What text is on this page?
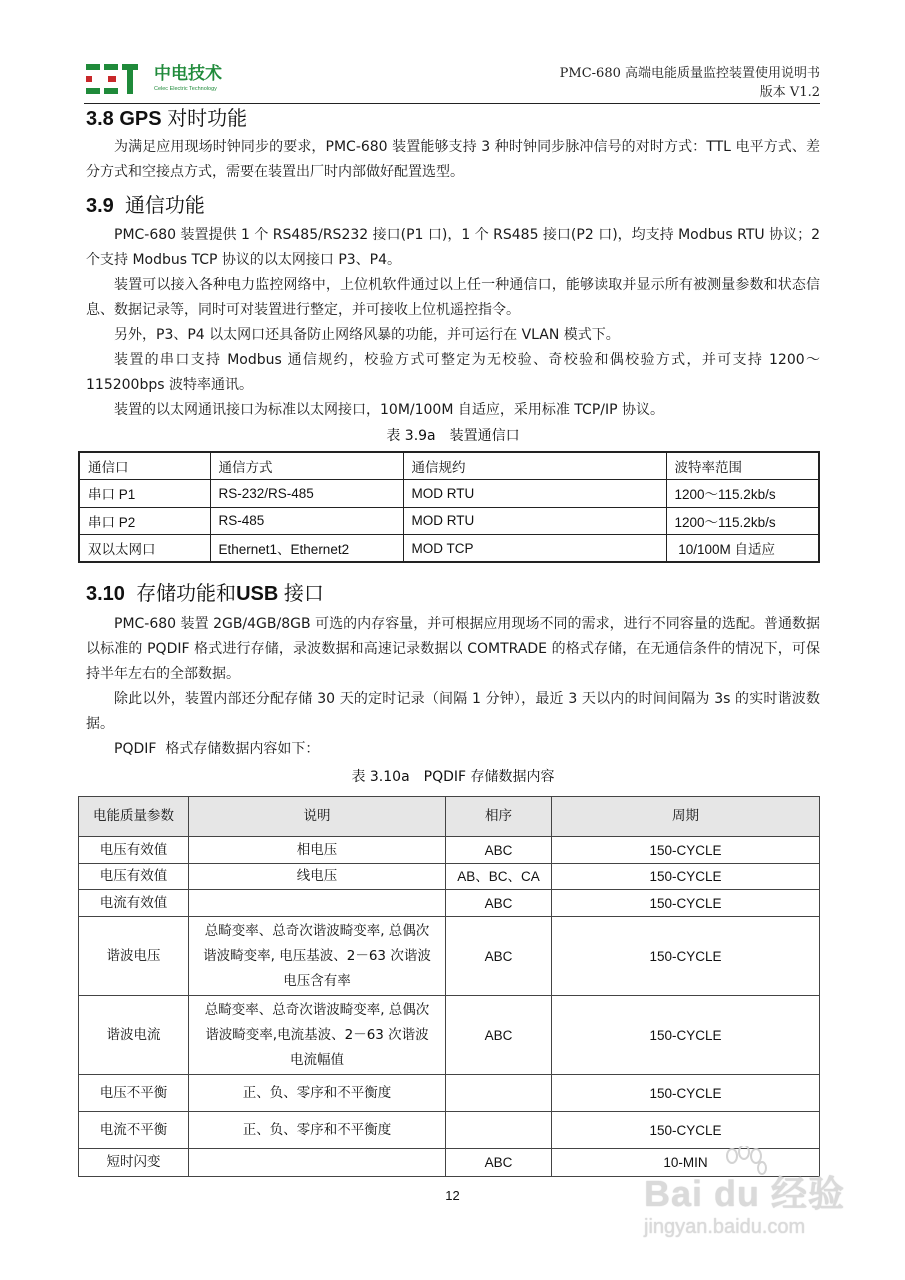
中电技术
Celec Electric Technology
PMC-680 高端电能质量监控装置使用说明书
版本 V1.2
3.8 GPS 对时功能

为满足应用现场时钟同步的要求，PMC-680 装置能够支持 3 种时钟同步脉冲信号的对时方式：TTL 电平方式、差分方式和空接点方式，需要在装置出厂时内部做好配置选型。

3.9 通信功能

PMC-680 装置提供 1 个 RS485/RS232 接口(P1 口)，1 个 RS485 接口(P2 口)，均支持 Modbus RTU 协议；2 个支持 Modbus TCP 协议的以太网接口 P3、P4。

装置可以接入各种电力监控网络中，上位机软件通过以上任一种通信口，能够读取并显示所有被测量参数和状态信息、数据记录等，同时可对装置进行整定，并可接收上位机遥控指令。

另外，P3、P4 以太网口还具备防止网络风暴的功能，并可运行在 VLAN 模式下。

装置的串口支持 Modbus 通信规约，校验方式可整定为无校验、奇校验和偶校验方式，并可支持 1200～115200bps 波特率通讯。

装置的以太网通讯接口为标准以太网接口，10M/100M 自适应，采用标准 TCP/IP 协议。

表 3.9a　装置通信口
通信口	通信方式	通信规约	波特率范围
串口 P1	RS-232/RS-485	MOD RTU	1200～115.2kb/s
串口 P2	RS-485	MOD RTU	1200～115.2kb/s
双以太网口	Ethernet1、Ethernet2	MOD TCP	10/100M 自适应
3.10 存储功能和USB 接口

PMC-680 装置 2GB/4GB/8GB 可选的内存容量，并可根据应用现场不同的需求，进行不同容量的选配。普通数据以标准的 PQDIF 格式进行存储，录波数据和高速记录数据以 COMTRADE 的格式存储，在无通信条件的情况下，可保持半年左右的全部数据。

除此以外，装置内部还分配存储 30 天的定时记录（间隔 1 分钟），最近 3 天以内的时间间隔为 3s 的实时谐波数据。

PQDIF  格式存储数据内容如下：

表 3.10a　PQDIF 存储数据内容
电能质量参数	说明	相序	周期
电压有效值	相电压	ABC	150-CYCLE
电压有效值	线电压	AB、BC、CA	150-CYCLE
电流有效值		ABC	150-CYCLE
谐波电压	总畸变率、总奇次谐波畸变率, 总偶次谐波畸变率, 电压基波、2－63 次谐波电压含有率	ABC	150-CYCLE
谐波电流	总畸变率、总奇次谐波畸变率, 总偶次谐波畸变率,电流基波、2－63 次谐波电流幅值	ABC	150-CYCLE
电压不平衡	正、负、零序和不平衡度		150-CYCLE
电流不平衡	正、负、零序和不平衡度		150-CYCLE
短时闪变		ABC	10-MIN
12	Bai du 经验
jingyan.baidu.com
